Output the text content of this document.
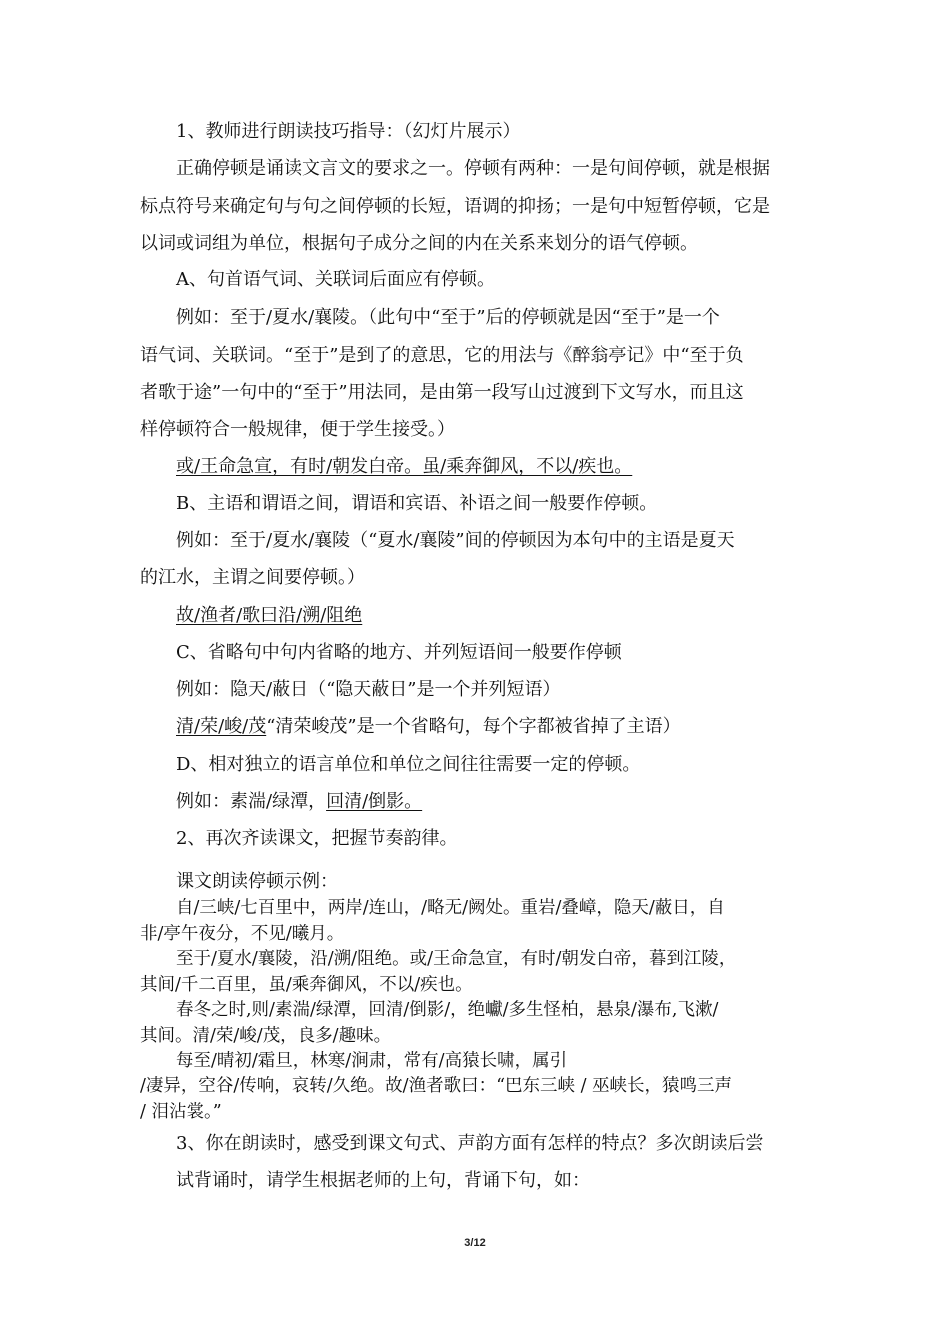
1、教师进行朗读技巧指导：（幻灯片展示）
正确停顿是诵读文言文的要求之一。停顿有两种：一是句间停顿，就是根据
标点符号来确定句与句之间停顿的长短，语调的抑扬；一是句中短暂停顿，它是
以词或词组为单位，根据句子成分之间的内在关系来划分的语气停顿。
A、句首语气词、关联词后面应有停顿。
例如：至于/夏水/襄陵。（此句中“至于”后的停顿就是因“至于”是一个
语气词、关联词。“至于”是到了的意思，它的用法与《醉翁亭记》中“至于负
者歌于途”一句中的“至于”用法同，是由第一段写山过渡到下文写水，而且这
样停顿符合一般规律，便于学生接受。）
或/王命急宣，有时/朝发白帝。虽/乘奔御风，不以/疾也。
B、主语和谓语之间，谓语和宾语、补语之间一般要作停顿。
例如：至于/夏水/襄陵（“夏水/襄陵”间的停顿因为本句中的主语是夏天
的江水，主谓之间要停顿。）
故/渔者/歌曰沿/溯/阻绝
C、省略句中句内省略的地方、并列短语间一般要作停顿
例如：隐天/蔽日（“隐天蔽日”是一个并列短语）
清/荣/峻/茂“清荣峻茂”是一个省略句，每个字都被省掉了主语）
D、相对独立的语言单位和单位之间往往需要一定的停顿。
例如：素湍/绿潭，回清/倒影。
2、再次齐读课文，把握节奏韵律。
课文朗读停顿示例：
自/三峡/七百里中，两岸/连山，/略无/阙处。重岩/叠嶂，隐天/蔽日，自
非/亭午夜分，不见/曦月。
至于/夏水/襄陵，沿/溯/阻绝。或/王命急宣，有时/朝发白帝，暮到江陵，
其间/千二百里，虽/乘奔御风，不以/疾也。
春冬之时,则/素湍/绿潭，回清/倒影/，绝巘/多生怪柏，悬泉/瀑布,飞漱/
其间。清/荣/峻/茂，良多/趣味。
每至/晴初/霜旦，林寒/涧肃，常有/高猿长啸，属引
/凄异，空谷/传响，哀转/久绝。故/渔者歌曰：“巴东三峡 / 巫峡长，猿鸣三声
/ 泪沾裳。”
3、你在朗读时，感受到课文句式、声韵方面有怎样的特点？多次朗读后尝
试背诵时，请学生根据老师的上句，背诵下句，如：
3/12
